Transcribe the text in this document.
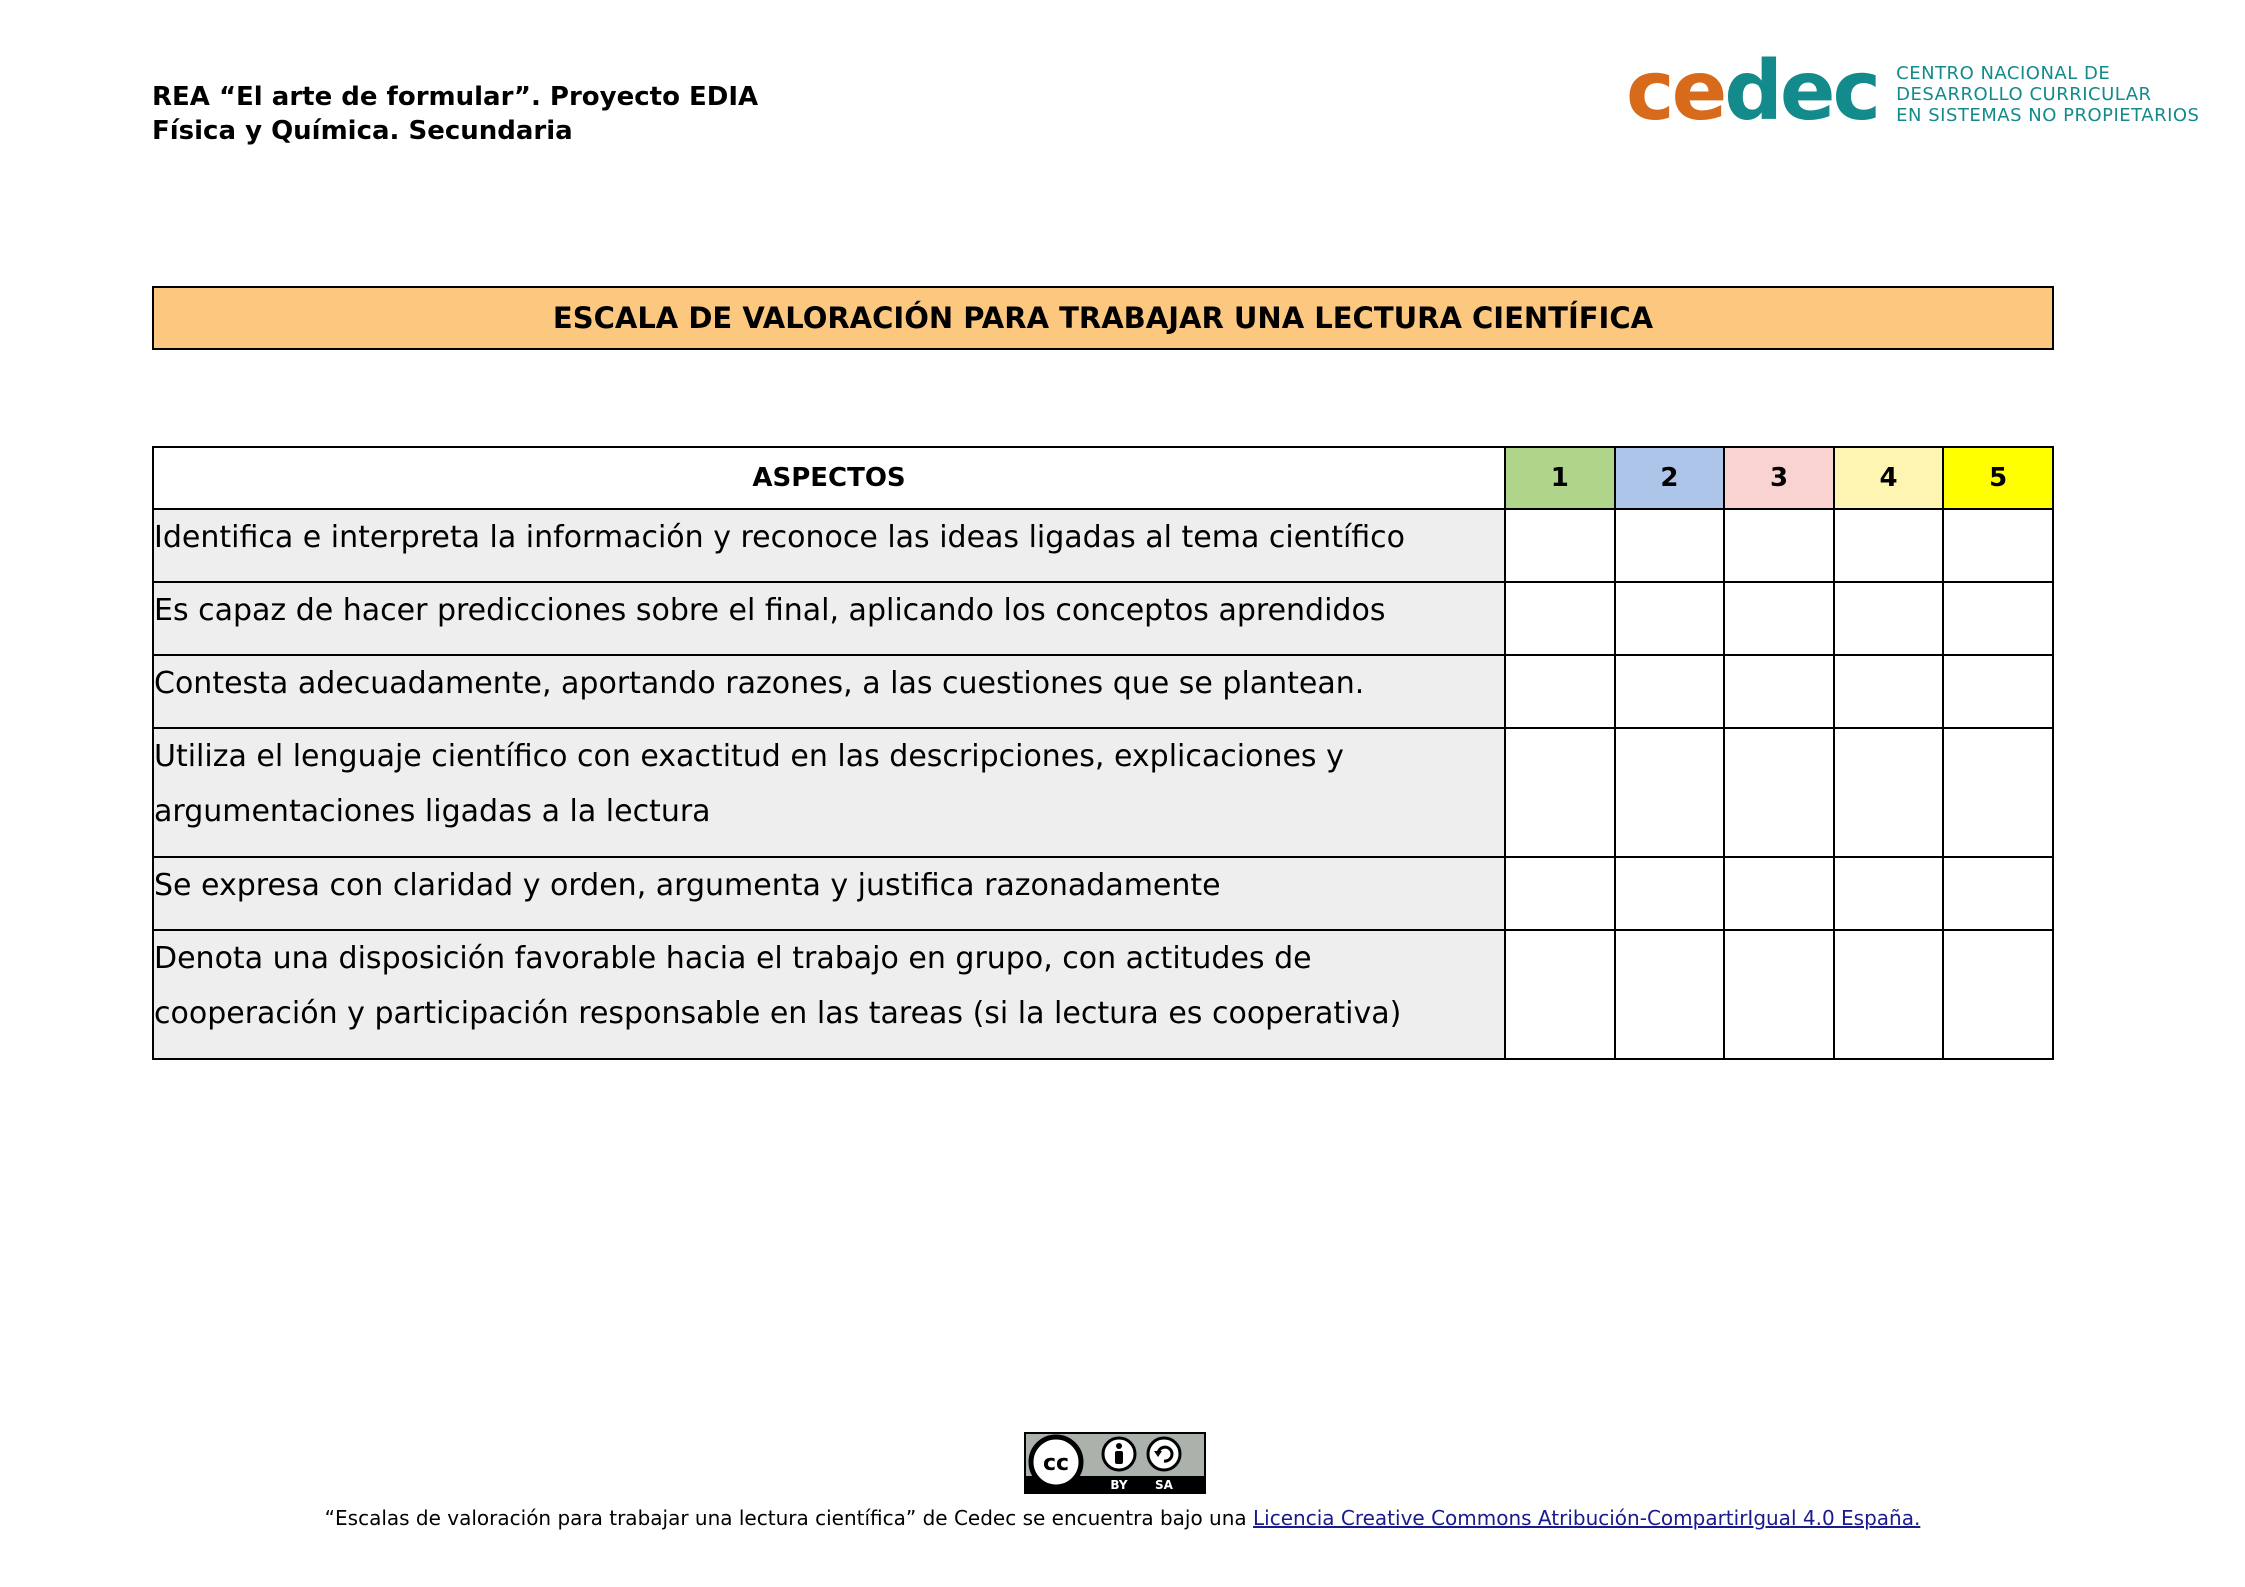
REA “El arte de formular”. Proyecto EDIA
Física y Química. Secundaria	cedec CENTRO NACIONAL DE
DESARROLLO CURRICULAR
EN SISTEMAS NO PROPIETARIOS
ESCALA DE VALORACIÓN PARA TRABAJAR UNA LECTURA CIENTÍFICA
ASPECTOS	1	2	3	4	5
Identifica e interpreta la información y reconoce las ideas ligadas al tema científico					
Es capaz de hacer predicciones sobre el final, aplicando los conceptos aprendidos					
Contesta adecuadamente, aportando razones, a las cuestiones que se plantean.					
Utiliza el lenguaje científico con exactitud en las descripciones, explicaciones y argumentaciones ligadas a la lectura					
Se expresa con claridad y orden, argumenta y justifica razonadamente					
Denota una disposición favorable hacia el trabajo en grupo, con actitudes de cooperación y participación responsable en las tareas (si la lectura es cooperativa)					
cc
BY SA
“Escalas de valoración para trabajar una lectura científica” de Cedec se encuentra bajo una Licencia Creative Commons Atribución-CompartirIgual 4.0 España.
